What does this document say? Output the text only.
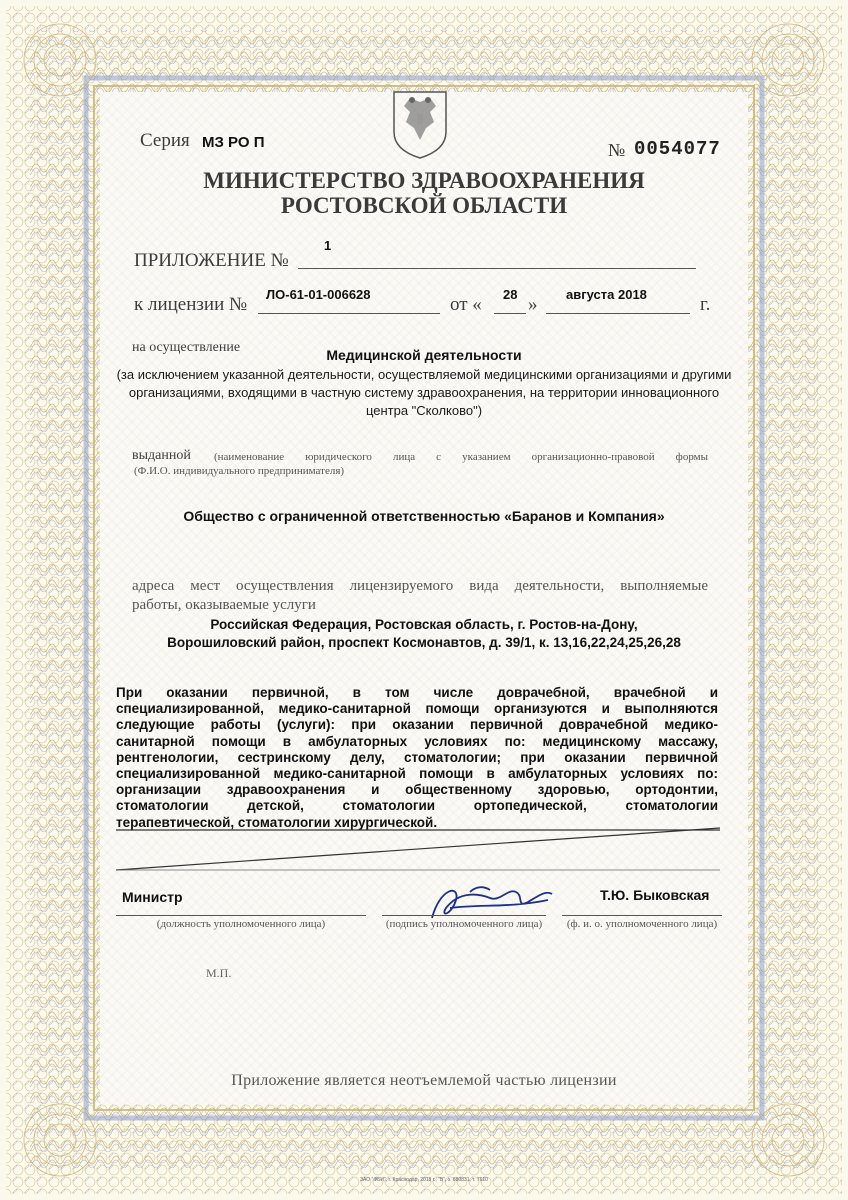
Серия МЗ РО П	№ 0054077
МИНИСТЕРСТВО ЗДРАВООХРАНЕНИЯ
РОСТОВСКОЙ ОБЛАСТИ
ПРИЛОЖЕНИЕ №
1
к лицензии № ЛО-61-01-006628	от « 28 » августа 2018	г.
на осуществление	Медицинской деятельности
(за исключением указанной деятельности, осуществляемой медицинскими организациями и другими организациями, входящими в частную систему здравоохранения, на территории инновационного центра "Сколково")
выданной (наименование юридического лица с указанием организационно-правовой формы
(Ф.И.О. индивидуального предпринимателя)
Общество с ограниченной ответственностью «Баранов и Компания»
адреса мест осуществления лицензируемого вида деятельности, выполняемые
работы, оказываемые услуги
Российская Федерация, Ростовская область, г. Ростов-на-Дону,
Ворошиловский район, проспект Космонавтов, д. 39/1, к. 13,16,22,24,25,26,28
При оказании первичной, в том числе доврачебной, врачебной и
специализированной, медико-санитарной помощи организуются и выполняются
следующие работы (услуги): при оказании первичной доврачебной медико-
санитарной помощи в амбулаторных условиях по: медицинскому массажу,
рентгенологии, сестринскому делу, стоматологии; при оказании первичной
специализированной медико-санитарной помощи в амбулаторных условиях по:
организации здравоохранения и общественному здоровью, ортодонтии,
стоматологии детской, стоматологии ортопедической, стоматологии
терапевтической, стоматологии хирургической.
Министр
(должность уполномоченного лица)	(подпись уполномоченного лица)
Т.Ю. Быковская
(ф. и. о. уполномоченного лица)
М.П.
Приложение является неотъемлемой частью лицензии
ЗАО "ФБИ", г. Краснодар, 2018 г., "В", з. 880831, т. 7610
